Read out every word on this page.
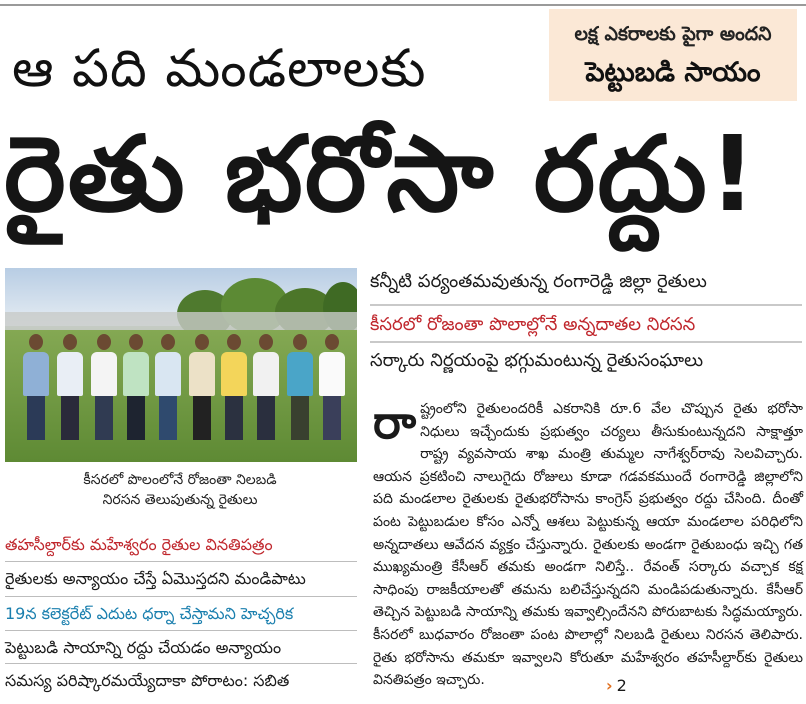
ఆ పది మండలాలకు
లక్ష ఎకరాలకు పైగా అందని
పెట్టుబడి సాయం
రైతు భరోసా రద్దు!
కీసరలో పొలంలోనే రోజంతా నిలబడి
నిరసన తెలుపుతున్న రైతులు
కన్నీటి పర్యంతమవుతున్న రంగారెడ్డి జిల్లా రైతులు
కీసరలో రోజంతా పొలాల్లోనే అన్నదాతల నిరసన
సర్కారు నిర్ణయంపై భగ్గుమంటున్న రైతుసంఘాలు
రాష్ట్రంలోని రైతులందరికీ ఎకరానికి రూ.6 వేల చొప్పున రైతు భరోసా నిధులు ఇచ్చేందుకు ప్రభుత్వం చర్యలు తీసుకుంటున్నదని సాక్షాత్తూ రాష్ట్ర వ్యవసాయ శాఖ మంత్రి తుమ్మల నాగేశ్వర్‌రావు సెలవిచ్చారు. ఆయన ప్రకటించి నాలుగైదు రోజులు కూడా గడవకముందే రంగారెడ్డి జిల్లాలోని పది మండలాల రైతులకు రైతుభరోసాను కాంగ్రెస్ ప్రభుత్వం రద్దు చేసింది. దీంతో పంట పెట్టుబడుల కోసం ఎన్నో ఆశలు పెట్టుకున్న ఆయా మండలాల పరిధిలోని అన్నదాతలు ఆవేదన వ్యక్తం చేస్తున్నారు. రైతులకు అండగా రైతుబంధు ఇచ్చి గత ముఖ్యమంత్రి కేసీఆర్ తమకు అండగా నిలిస్తే.. రేవంత్ సర్కారు వచ్చాక కక్ష సాధింపు రాజకీయాలతో తమను బలిచేస్తున్నదని మండిపడుతున్నారు. కేసీఆర్ తెచ్చిన పెట్టుబడి సాయాన్ని తమకు ఇవ్వాల్సిందేనని పోరుబాటకు సిద్ధమయ్యారు. కీసరలో బుధవారం రోజంతా పంట పొలాల్లో నిలబడి రైతులు నిరసన తెలిపారు. రైతు భరోసాను తమకూ ఇవ్వాలని కోరుతూ మహేశ్వరం తహసీల్దార్‌కు రైతులు వినతిపత్రం ఇచ్చారు.	› 2
తహసీల్దార్‌కు మహేశ్వరం రైతుల వినతిపత్రం
రైతులకు అన్యాయం చేస్తే ఏమొస్తదని మండిపాటు
19న కలెక్టరేట్ ఎదుట ధర్నా చేస్తామని హెచ్చరిక
పెట్టుబడి సాయాన్ని రద్దు చేయడం అన్యాయం
సమస్య పరిష్కారమయ్యేదాకా పోరాటం: సబిత
